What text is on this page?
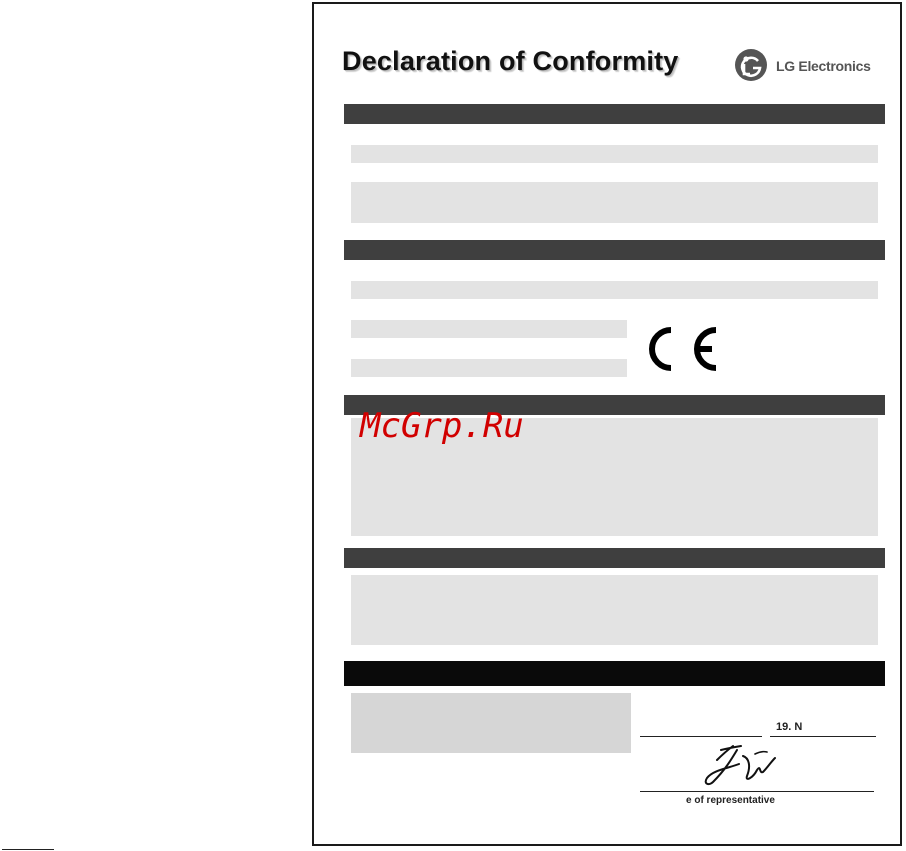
Declaration of Conformity	LG Electronics
McGrp.Ru
19. N
e of representative
